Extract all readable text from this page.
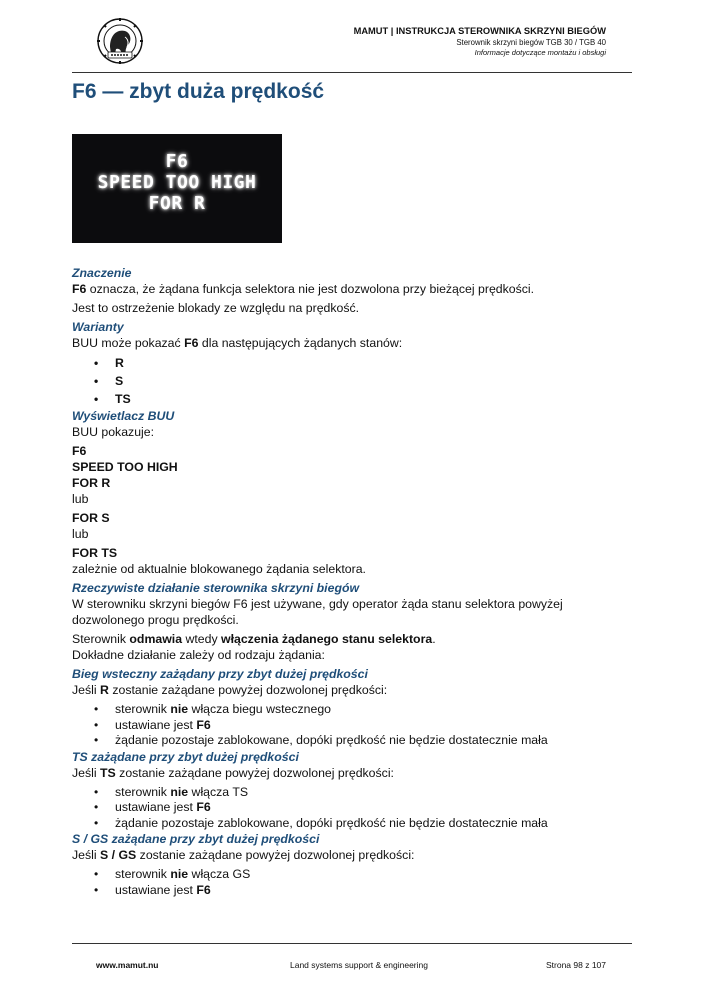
MAMUT | INSTRUKCJA STEROWNIKA SKRZYNI BIEGÓW
Sterownik skrzyni biegów TGB 30 / TGB 40
Informacje dotyczące montażu i obsługi
F6 — zbyt duża prędkość
F6
SPEED TOO HIGH
FOR R

Znaczenie

F6 oznacza, że żądana funkcja selektora nie jest dozwolona przy bieżącej prędkości.

Jest to ostrzeżenie blokady ze względu na prędkość.

Warianty

BUU może pokazać F6 dla następujących żądanych stanów:

• R
• S
• TS

Wyświetlacz BUU

BUU pokazuje:

F6

SPEED TOO HIGH

FOR R

lub

FOR S

lub

FOR TS

zależnie od aktualnie blokowanego żądania selektora.

Rzeczywiste działanie sterownika skrzyni biegów

W sterowniku skrzyni biegów F6 jest używane, gdy operator żąda stanu selektora powyżej dozwolonego progu prędkości.

Sterownik odmawia wtedy włączenia żądanego stanu selektora.

Dokładne działanie zależy od rodzaju żądania:

Bieg wsteczny zażądany przy zbyt dużej prędkości

Jeśli R zostanie zażądane powyżej dozwolonej prędkości:

• sterownik nie włącza biegu wstecznego
• ustawiane jest F6
• żądanie pozostaje zablokowane, dopóki prędkość nie będzie dostatecznie mała

TS zażądane przy zbyt dużej prędkości

Jeśli TS zostanie zażądane powyżej dozwolonej prędkości:

• sterownik nie włącza TS
• ustawiane jest F6
• żądanie pozostaje zablokowane, dopóki prędkość nie będzie dostatecznie mała

S / GS zażądane przy zbyt dużej prędkości

Jeśli S / GS zostanie zażądane powyżej dozwolonej prędkości:

• sterownik nie włącza GS
• ustawiane jest F6
www.mamut.nu	Land systems support & engineering	Strona 98 z 107
